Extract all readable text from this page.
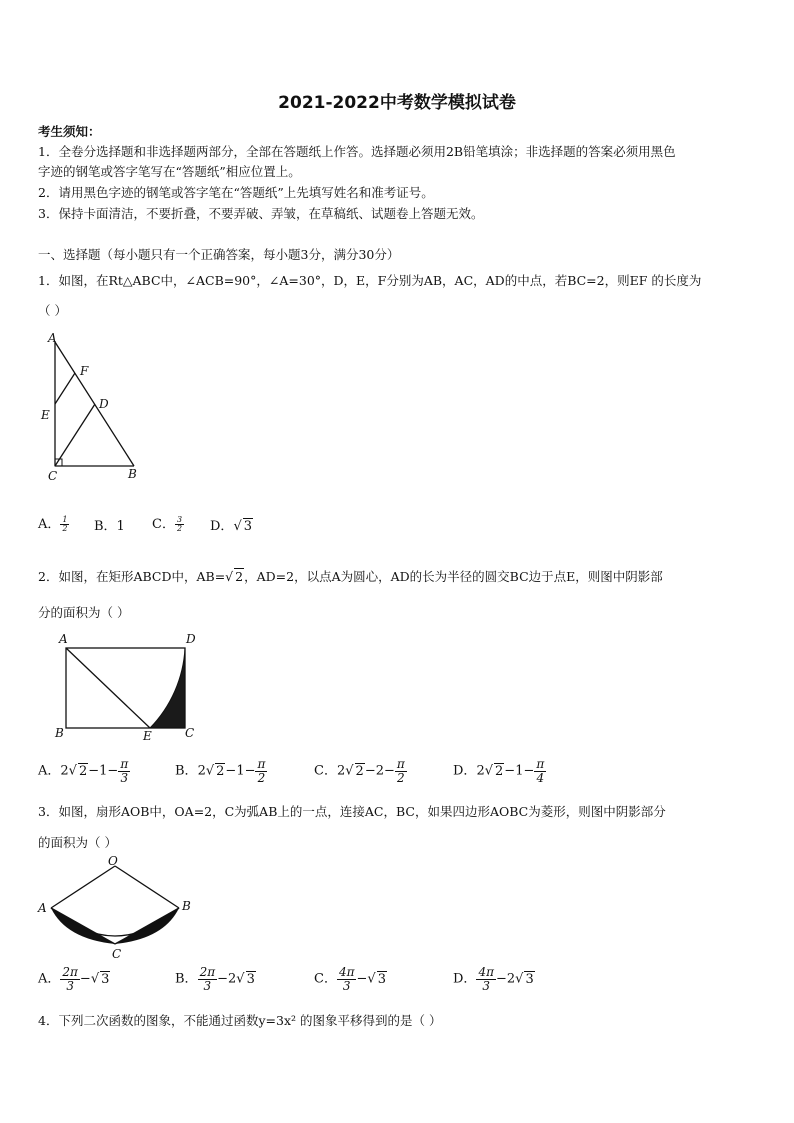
2021-2022中考数学模拟试卷
考生须知：
1．全卷分选择题和非选择题两部分，全部在答题纸上作答。选择题必须用2B铅笔填涂；非选择题的答案必须用黑色
字迹的钢笔或答字笔写在“答题纸”相应位置上。
2．请用黑色字迹的钢笔或答字笔在“答题纸”上先填写姓名和准考证号。
3．保持卡面清洁，不要折叠，不要弄破、弄皱，在草稿纸、试题卷上答题无效。
一、选择题（每小题只有一个正确答案，每小题3分，满分30分）
1．如图，在Rt△ABC中，∠ACB=90°，∠A=30°，D，E，F分别为AB，AC，AD的中点，若BC=2，则EF 的长度为
（ ）
A
F
D
E
C	B
A． $\frac{1}{2}$ B．1 C． $\frac{3}{2}$ D．√ 3
2．如图，在矩形ABCD中，AB=√ 2，AD=2，以点A为圆心，AD的长为半径的圆交BC边于点E，则图中阴影部
分的面积为（ ）
A	D
B	E	C
A．2√ $2-1- \frac{\pi}{3}$	B．2√ $2-1- \frac{\pi}{2}$	C．2√ $2-2- \frac{\pi}{2}$	D．2√ $2-1- \frac{\pi}{4}$
3．如图，扇形AOB中，OA=2，C为弧AB上的一点，连接AC，BC，如果四边形AOBC为菱形，则图中阴影部分
的面积为（ ）
O
A	B
C
A． $\frac{2\pi}{3}$ −√ 3	B． $\frac{2\pi}{3} -2√$ 3	C． $\frac{4\pi}{3}$ −√ 3	D． $\frac{4\pi}{3} -2√$ 3
4．下列二次函数的图象，不能通过函数y=3x² 的图象平移得到的是（ ）
